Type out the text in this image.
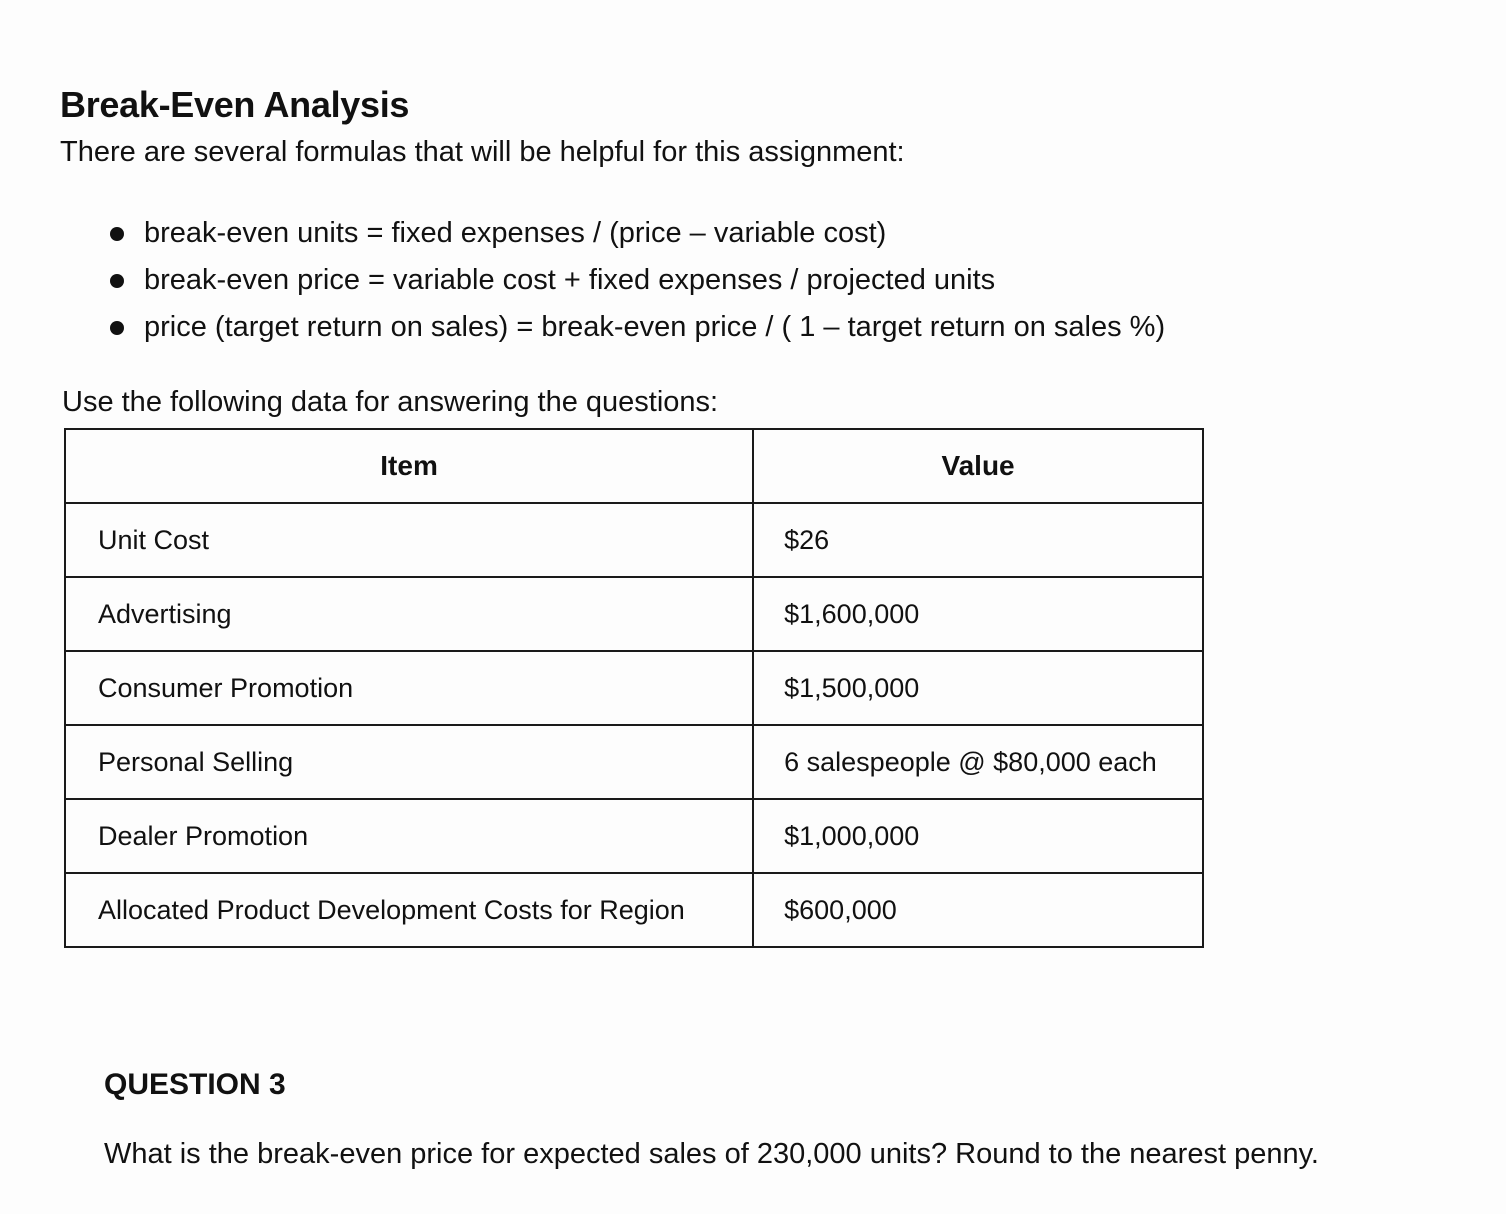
Break-Even Analysis

There are several formulas that will be helpful for this assignment:

break-even units = fixed expenses / (price – variable cost)
break-even price = variable cost + fixed expenses / projected units
price (target return on sales) = break-even price / ( 1 – target return on sales %)

Use the following data for answering the questions:

Item	Value
Unit Cost	$26
Advertising	$1,600,000
Consumer Promotion	$1,500,000
Personal Selling	6 salespeople @ $80,000 each
Dealer Promotion	$1,000,000
Allocated Product Development Costs for Region	$600,000
QUESTION 3

What is the break-even price for expected sales of 230,000 units? Round to the nearest penny.
